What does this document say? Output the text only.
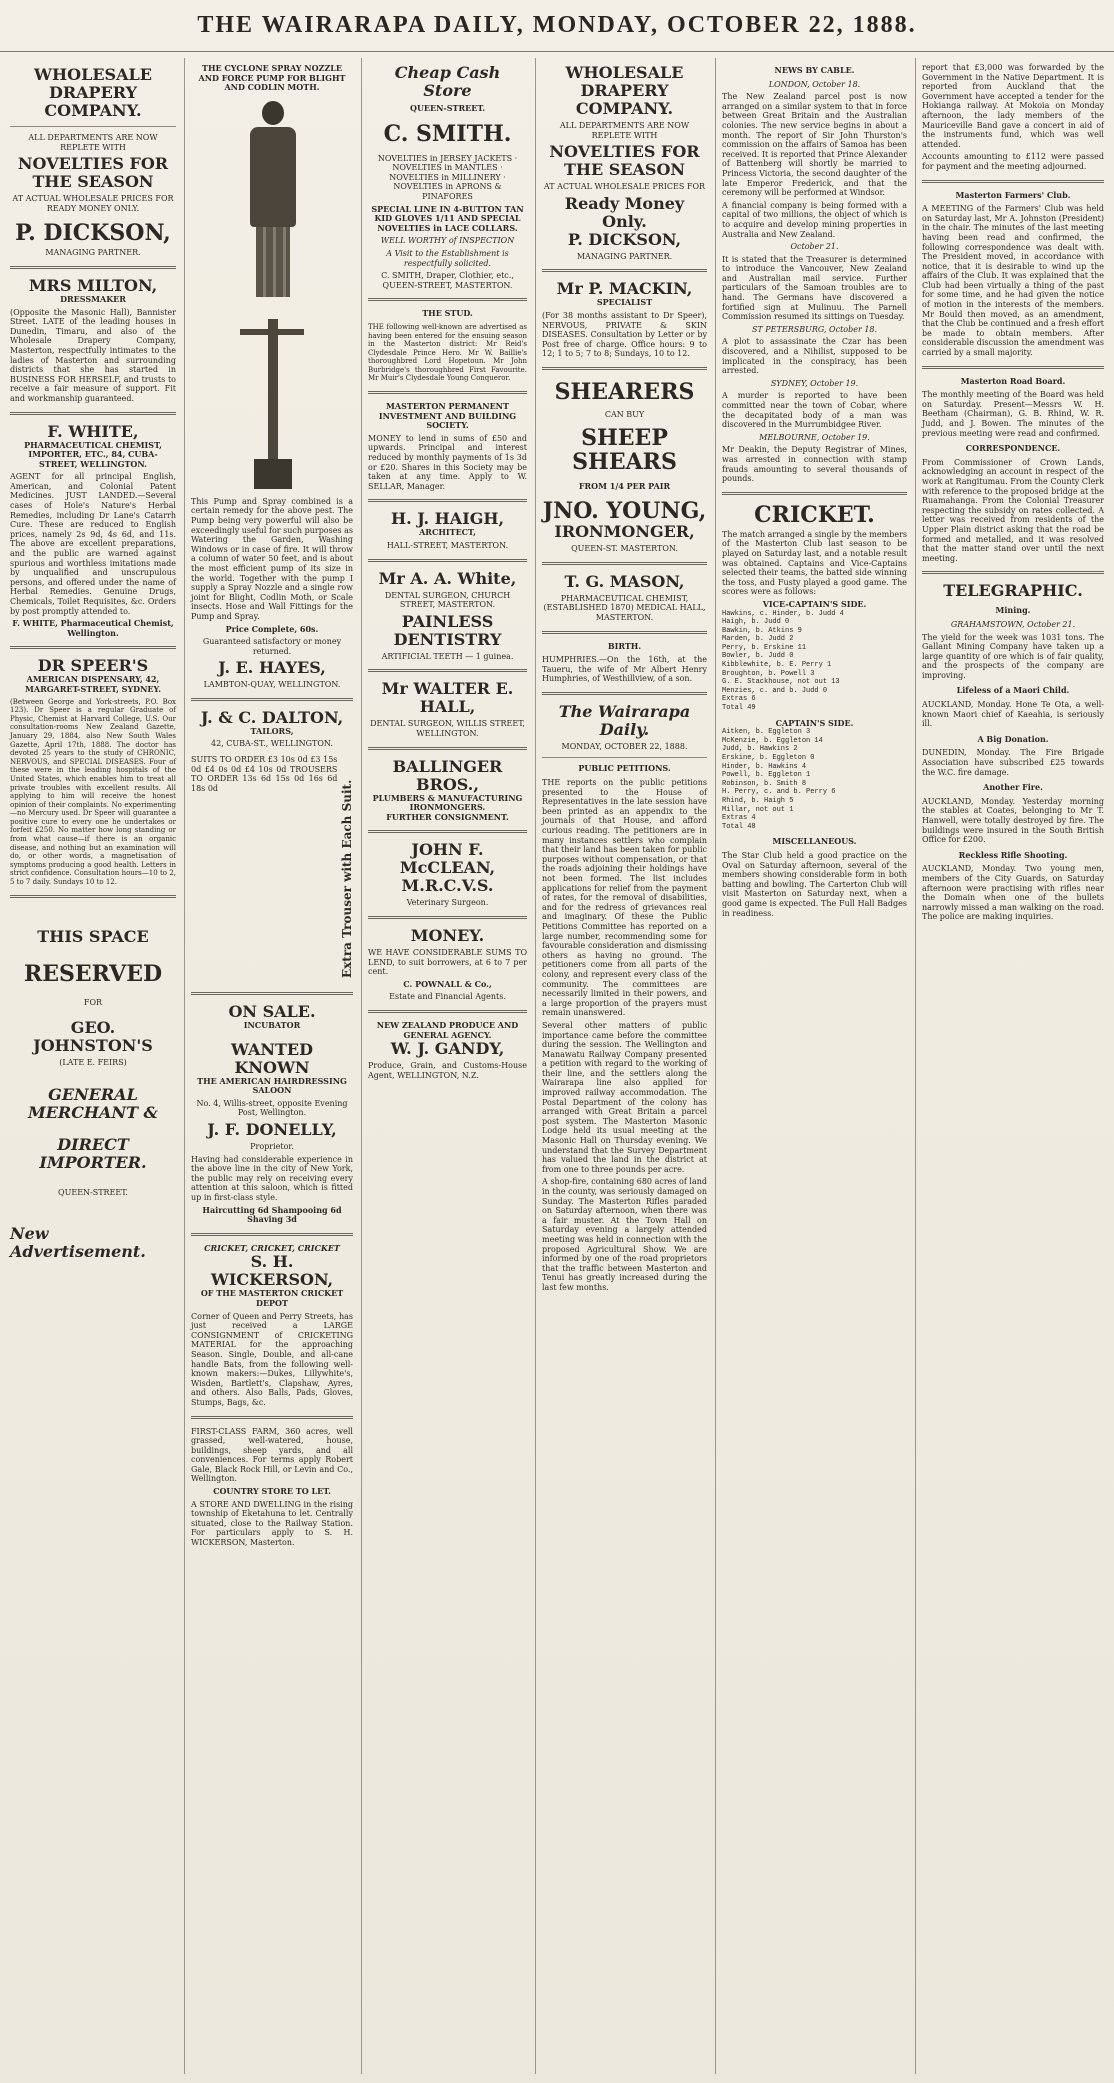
THE WAIRARAPA DAILY, MONDAY, OCTOBER 22, 1888.
WHOLESALE DRAPERY COMPANY.
ALL DEPARTMENTS ARE NOW REPLETE WITH
NOVELTIES FOR THE SEASON
AT ACTUAL WHOLESALE PRICES FOR READY MONEY ONLY.
P. DICKSON,
MANAGING PARTNER.
MRS MILTON,
DRESSMAKER
(Opposite the Masonic Hall), Bannister Street. LATE of the leading houses in Dunedin, Timaru, and also of the Wholesale Drapery Company, Masterton, respectfully intimates to the ladies of Masterton and surrounding districts that she has started in BUSINESS FOR HERSELF, and trusts to receive a fair measure of support. Fit and workmanship guaranteed.
F. WHITE,
PHARMACEUTICAL CHEMIST, IMPORTER, ETC., 84, CUBA-STREET, WELLINGTON.
AGENT for all principal English, American, and Colonial Patent Medicines. JUST LANDED.—Several cases of Hole's Nature's Herbal Remedies, including Dr Lane's Catarrh Cure. These are reduced to English prices, namely 2s 9d, 4s 6d, and 11s. The above are excellent preparations, and the public are warned against spurious and worthless imitations made by unqualified and unscrupulous persons, and offered under the name of Herbal Remedies. Genuine Drugs, Chemicals, Toilet Requisites, &c. Orders by post promptly attended to.
F. WHITE, Pharmaceutical Chemist, Wellington.
DR SPEER'S
AMERICAN DISPENSARY, 42, MARGARET-STREET, SYDNEY.
(Between George and York-streets, P.O. Box 123). Dr Speer is a regular Graduate of Physic, Chemist at Harvard College, U.S. Our consultation-rooms New Zealand Gazette, January 29, 1884, also New South Wales Gazette, April 17th, 1888. The doctor has devoted 25 years to the study of CHRONIC, NERVOUS, and SPECIAL DISEASES. Four of these were in the leading hospitals of the United States, which enables him to treat all private troubles with excellent results. All applying to him will receive the honest opinion of their complaints. No experimenting—no Mercury used. Dr Speer will guarantee a positive cure to every one he undertakes or forfeit £250. No matter how long standing or from what cause—if there is an organic disease, and nothing but an examination will do, or other words, a magnetisation of symptoms producing a good health. Letters in strict confidence. Consultation hours—10 to 2, 5 to 7 daily. Sundays 10 to 12.
THIS SPACE
RESERVED
FOR
GEO. JOHNSTON'S
(LATE E. FEIRS)
GENERAL MERCHANT &
DIRECT IMPORTER.
QUEEN-STREET.
New Advertisement.
THE CYCLONE SPRAY NOZZLE AND FORCE PUMP FOR BLIGHT AND CODLIN MOTH.
This Pump and Spray combined is a certain remedy for the above pest. The Pump being very powerful will also be exceedingly useful for such purposes as Watering the Garden, Washing Windows or in case of fire. It will throw a column of water 50 feet, and is about the most efficient pump of its size in the world. Together with the pump I supply a Spray Nozzle and a single row joint for Blight, Codlin Moth, or Scale insects. Hose and Wall Fittings for the Pump and Spray.
Price Complete, 60s.
Guaranteed satisfactory or money returned.
J. E. HAYES,
LAMBTON-QUAY, WELLINGTON.
J. & C. DALTON,
TAILORS,
42, CUBA-ST., WELLINGTON.
SUITS TO ORDER £3 10s 0d £3 15s 0d £4 0s 0d £4 10s 0d TROUSERS TO ORDER 13s 6d 15s 0d 16s 6d 18s 0d	Extra Trouser with Each Suit.
ON SALE.
INCUBATOR
WANTED KNOWN
THE AMERICAN HAIRDRESSING SALOON
No. 4, Willis-street, opposite Evening Post, Wellington.
J. F. DONELLY,
Proprietor.
Having had considerable experience in the above line in the city of New York, the public may rely on receiving every attention at this saloon, which is fitted up in first-class style.
Haircutting 6d Shampooing 6d Shaving 3d
CRICKET, CRICKET, CRICKET
S. H. WICKERSON,
OF THE MASTERTON CRICKET DEPOT
Corner of Queen and Perry Streets, has just received a LARGE CONSIGNMENT of CRICKETING MATERIAL for the approaching Season. Single, Double, and all-cane handle Bats, from the following well-known makers:—Dukes, Lillywhite's, Wisden, Bartlett's, Clapshaw, Ayres, and others. Also Balls, Pads, Gloves, Stumps, Bags, &c.
FIRST-CLASS FARM, 360 acres, well grassed, well-watered, house, buildings, sheep yards, and all conveniences. For terms apply Robert Gale, Black Rock Hill, or Levin and Co., Wellington.
COUNTRY STORE TO LET.
A STORE AND DWELLING in the rising township of Eketahuna to let. Centrally situated, close to the Railway Station. For particulars apply to S. H. WICKERSON, Masterton.
Cheap Cash Store
QUEEN-STREET.
C. SMITH.
NOVELTIES in JERSEY JACKETS · NOVELTIES in MANTLES · NOVELTIES in MILLINERY · NOVELTIES in APRONS & PINAFORES
SPECIAL LINE IN 4-BUTTON TAN KID GLOVES 1/11 AND SPECIAL NOVELTIES in LACE COLLARS.
WELL WORTHY of INSPECTION
A Visit to the Establishment is respectfully solicited.
C. SMITH, Draper, Clothier, etc., QUEEN-STREET, MASTERTON.
THE STUD.
THE following well-known are advertised as having been entered for the ensuing season in the Masterton district: Mr Reid's Clydesdale Prince Hero. Mr W. Baillie's thoroughbred Lord Hopetoun. Mr John Burbridge's thoroughbred First Favourite. Mr Muir's Clydesdale Young Conqueror.
MASTERTON PERMANENT INVESTMENT AND BUILDING SOCIETY.
MONEY to lend in sums of £50 and upwards. Principal and interest reduced by monthly payments of 1s 3d or £20. Shares in this Society may be taken at any time. Apply to W. SELLAR, Manager.
H. J. HAIGH,
ARCHITECT,
HALL-STREET, MASTERTON.
Mr A. A. White,
DENTAL SURGEON, CHURCH STREET, MASTERTON.
PAINLESS DENTISTRY
ARTIFICIAL TEETH — 1 guinea.
Mr WALTER E. HALL,
DENTAL SURGEON, WILLIS STREET, WELLINGTON.
BALLINGER BROS.,
PLUMBERS & MANUFACTURING IRONMONGERS.
FURTHER CONSIGNMENT.
JOHN F. McCLEAN, M.R.C.V.S.
Veterinary Surgeon.
MONEY.
WE HAVE CONSIDERABLE SUMS TO LEND, to suit borrowers, at 6 to 7 per cent.
C. POWNALL & Co.,
Estate and Financial Agents.
NEW ZEALAND PRODUCE AND GENERAL AGENCY.
W. J. GANDY,
Produce, Grain, and Customs-House Agent, WELLINGTON, N.Z.
WHOLESALE DRAPERY COMPANY.
ALL DEPARTMENTS ARE NOW REPLETE WITH
NOVELTIES FOR THE SEASON
AT ACTUAL WHOLESALE PRICES FOR
Ready Money Only.
P. DICKSON,
MANAGING PARTNER.
Mr P. MACKIN,
SPECIALIST
(For 38 months assistant to Dr Speer), NERVOUS, PRIVATE & SKIN DISEASES. Consultation by Letter or by Post free of charge. Office hours: 9 to 12; 1 to 5; 7 to 8; Sundays, 10 to 12.
SHEARERS
CAN BUY
SHEEP SHEARS
FROM 1/4 PER PAIR
JNO. YOUNG,
IRONMONGER,
QUEEN-ST. MASTERTON.
T. G. MASON,
PHARMACEUTICAL CHEMIST, (ESTABLISHED 1870) MEDICAL HALL, MASTERTON.
BIRTH.
HUMPHRIES.—On the 16th, at the Taueru, the wife of Mr Albert Henry Humphries, of Westhillview, of a son.
The Wairarapa Daily.
MONDAY, OCTOBER 22, 1888.
PUBLIC PETITIONS.
THE reports on the public petitions presented to the House of Representatives in the late session have been printed as an appendix to the journals of that House, and afford curious reading. The petitioners are in many instances settlers who complain that their land has been taken for public purposes without compensation, or that the roads adjoining their holdings have not been formed. The list includes applications for relief from the payment of rates, for the removal of disabilities, and for the redress of grievances real and imaginary. Of these the Public Petitions Committee has reported on a large number, recommending some for favourable consideration and dismissing others as having no ground. The petitioners come from all parts of the colony, and represent every class of the community. The committees are necessarily limited in their powers, and a large proportion of the prayers must remain unanswered.
Several other matters of public importance came before the committee during the session. The Wellington and Manawatu Railway Company presented a petition with regard to the working of their line, and the settlers along the Wairarapa line also applied for improved railway accommodation. The Postal Department of the colony has arranged with Great Britain a parcel post system. The Masterton Masonic Lodge held its usual meeting at the Masonic Hall on Thursday evening. We understand that the Survey Department has valued the land in the district at from one to three pounds per acre.
A shop-fire, containing 680 acres of land in the county, was seriously damaged on Sunday. The Masterton Rifles paraded on Saturday afternoon, when there was a fair muster. At the Town Hall on Saturday evening a largely attended meeting was held in connection with the proposed Agricultural Show. We are informed by one of the road proprietors that the traffic between Masterton and Tenui has greatly increased during the last few months.
NEWS BY CABLE.
LONDON, October 18.
The New Zealand parcel post is now arranged on a similar system to that in force between Great Britain and the Australian colonies. The new service begins in about a month. The report of Sir John Thurston's commission on the affairs of Samoa has been received. It is reported that Prince Alexander of Battenberg will shortly be married to Princess Victoria, the second daughter of the late Emperor Frederick, and that the ceremony will be performed at Windsor.
A financial company is being formed with a capital of two millions, the object of which is to acquire and develop mining properties in Australia and New Zealand.
October 21.
It is stated that the Treasurer is determined to introduce the Vancouver, New Zealand and Australian mail service. Further particulars of the Samoan troubles are to hand. The Germans have discovered a fortified sign at Mulinuu. The Parnell Commission resumed its sittings on Tuesday.
ST PETERSBURG, October 18.
A plot to assassinate the Czar has been discovered, and a Nihilist, supposed to be implicated in the conspiracy, has been arrested.
SYDNEY, October 19.
A murder is reported to have been committed near the town of Cobar, where the decapitated body of a man was discovered in the Murrumbidgee River.
MELBOURNE, October 19.
Mr Deakin, the Deputy Registrar of Mines, was arrested in connection with stamp frauds amounting to several thousands of pounds.
CRICKET.
The match arranged a single by the members of the Masterton Club last season to be played on Saturday last, and a notable result was obtained. Captains and Vice-Captains selected their teams, the batted side winning the toss, and Fusty played a good game. The scores were as follows:
VICE-CAPTAIN'S SIDE.
Hawkins, c. Hinder, b. Judd 4
Haigh, b. Judd 0
Bawkin, b. Atkins 9
Marden, b. Judd 2
Perry, b. Erskine 11
Bowler, b. Judd 0
Kibblewhite, b. E. Perry 1
Broughton, b. Powell 3
G. E. Stackhouse, not out 13
Menzies, c. and b. Judd 0
Extras 6
Total 49
CAPTAIN'S SIDE.
Aitken, b. Eggleton 3
McKenzie, b. Eggleton 14
Judd, b. Hawkins 2
Erskine, b. Eggleton 0
Hinder, b. Hawkins 4
Powell, b. Eggleton 1
Robinson, b. Smith 8
H. Perry, c. and b. Perry 6
Rhind, b. Haigh 5
Millar, not out 1
Extras 4
Total 48
MISCELLANEOUS.
The Star Club held a good practice on the Oval on Saturday afternoon, several of the members showing considerable form in both batting and bowling. The Carterton Club will visit Masterton on Saturday next, when a good game is expected. The Full Hall Badges in readiness.
report that £3,000 was forwarded by the Government in the Native Department. It is reported from Auckland that the Government have accepted a tender for the Hokianga railway. At Mokoia on Monday afternoon, the lady members of the Mauriceville Band gave a concert in aid of the instruments fund, which was well attended.
Accounts amounting to £112 were passed for payment and the meeting adjourned.
Masterton Farmers' Club.
A MEETING of the Farmers' Club was held on Saturday last, Mr A. Johnston (President) in the chair. The minutes of the last meeting having been read and confirmed, the following correspondence was dealt with. The President moved, in accordance with notice, that it is desirable to wind up the affairs of the Club. It was explained that the Club had been virtually a thing of the past for some time, and he had given the notice of motion in the interests of the members. Mr Bould then moved, as an amendment, that the Club be continued and a fresh effort be made to obtain members. After considerable discussion the amendment was carried by a small majority.
Masterton Road Board.
The monthly meeting of the Board was held on Saturday. Present—Messrs W. H. Beetham (Chairman), G. B. Rhind, W. R. Judd, and J. Bowen. The minutes of the previous meeting were read and confirmed.
CORRESPONDENCE.
From Commissioner of Crown Lands, acknowledging an account in respect of the work at Rangitumau. From the County Clerk with reference to the proposed bridge at the Ruamahanga. From the Colonial Treasurer respecting the subsidy on rates collected. A letter was received from residents of the Upper Plain district asking that the road be formed and metalled, and it was resolved that the matter stand over until the next meeting.
TELEGRAPHIC.
Mining.
GRAHAMSTOWN, October 21.
The yield for the week was 1031 tons. The Gallant Mining Company have taken up a large quantity of ore which is of fair quality, and the prospects of the company are improving.
Lifeless of a Maori Child.
AUCKLAND, Monday. Hone Te Ota, a well-known Maori chief of Kaeahia, is seriously ill.
A Big Donation.
DUNEDIN, Monday. The Fire Brigade Association have subscribed £25 towards the W.C. fire damage.
Another Fire.
AUCKLAND, Monday. Yesterday morning the stables at Coates, belonging to Mr T. Hanwell, were totally destroyed by fire. The buildings were insured in the South British Office for £200.
Reckless Rifle Shooting.
AUCKLAND, Monday. Two young men, members of the City Guards, on Saturday afternoon were practising with rifles near the Domain when one of the bullets narrowly missed a man walking on the road. The police are making inquiries.
